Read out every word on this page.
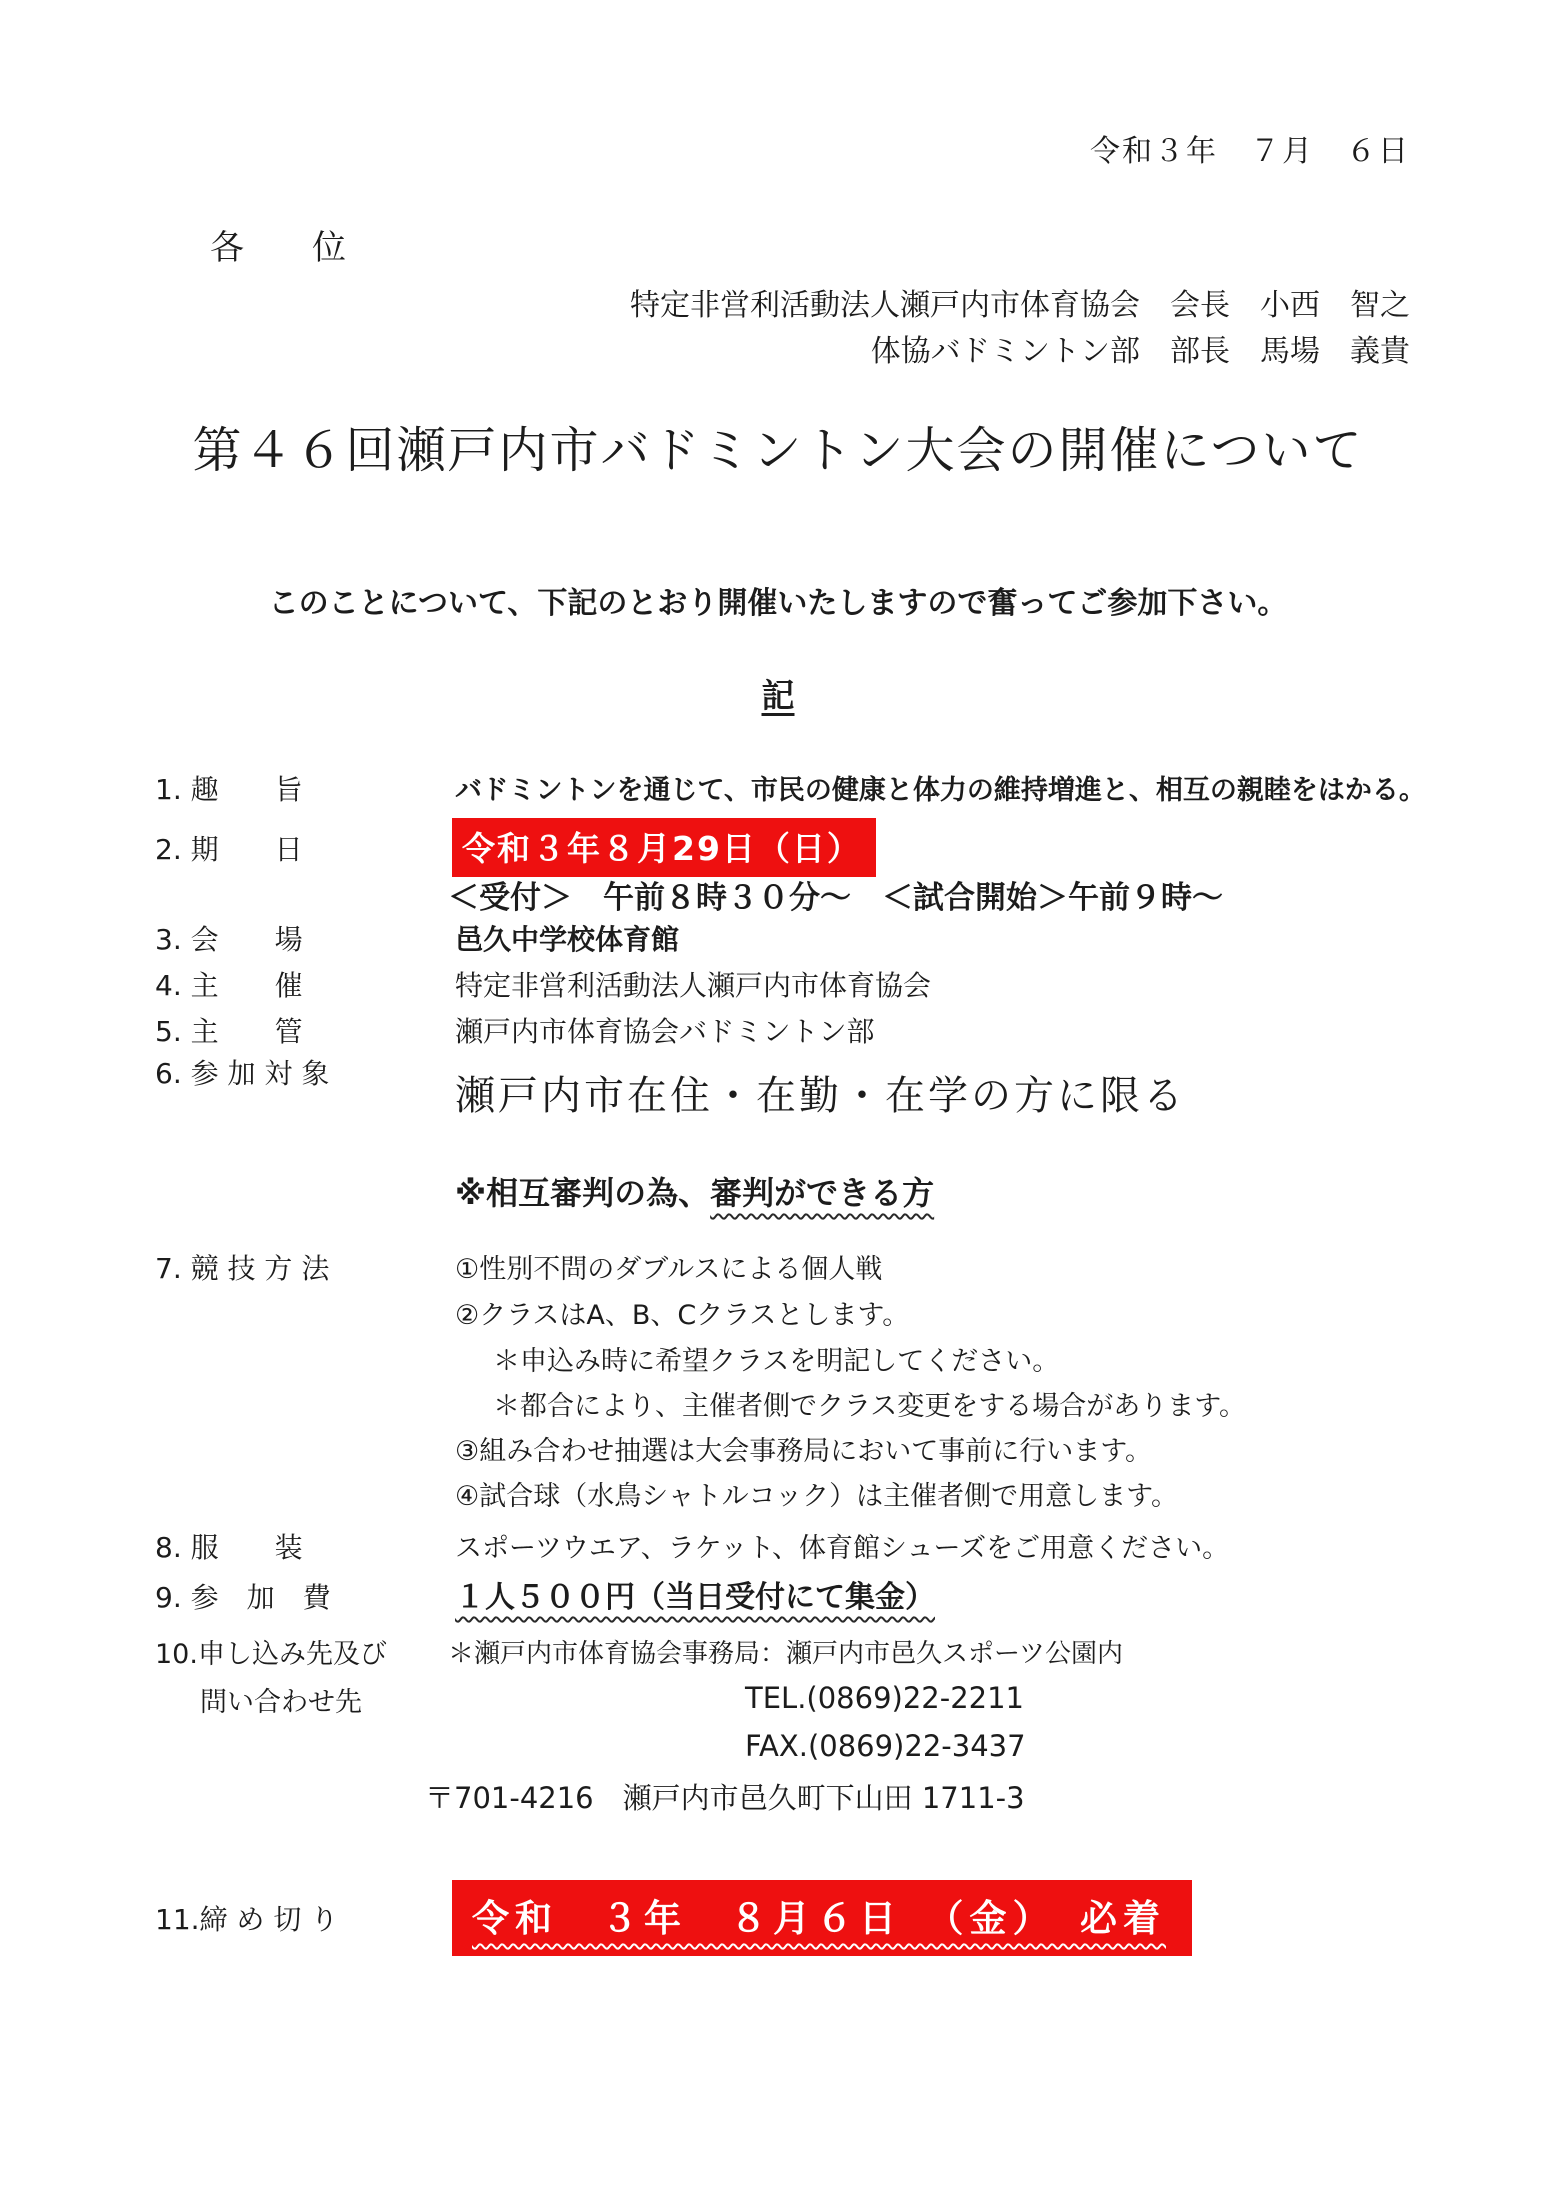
令和３年　７月　６日
各　　位
特定非営利活動法人瀬戸内市体育協会　会長　小西　智之
体協バドミントン部　部長　馬場　義貴
第４６回瀬戸内市バドミントン大会の開催について
このことについて、下記のとおり開催いたしますので奮ってご参加下さい。
記
1. 趣　　旨	バドミントンを通じて、市民の健康と体力の維持増進と、相互の親睦をはかる。
2. 期　　日	令和３年８月29日（日）
＜受付＞　午前８時３０分～　＜試合開始＞午前９時～
3. 会　　場	邑久中学校体育館
4. 主　　催	特定非営利活動法人瀬戸内市体育協会
5. 主　　管	瀬戸内市体育協会バドミントン部
6. 参 加 対 象	瀬戸内市在住・在勤・在学の方に限る
※相互審判の為、審判ができる方
7. 競 技 方 法	①性別不問のダブルスによる個人戦
②クラスはA、B、Cクラスとします。
＊申込み時に希望クラスを明記してください。
＊都合により、主催者側でクラス変更をする場合があります。
③組み合わせ抽選は大会事務局において事前に行います。
④試合球（水鳥シャトルコック）は主催者側で用意します。
8. 服　　装	スポーツウエア、ラケット、体育館シューズをご用意ください。
9. 参　加　費	１人５００円（当日受付にて集金）
10.申し込み先及び
問い合わせ先
＊瀬戸内市体育協会事務局：瀬戸内市邑久スポーツ公園内
TEL.(0869)22-2211
FAX.(0869)22-3437
〒701-4216　瀬戸内市邑久町下山田 1711-3
11.締 め 切 り	令和　３年　８月６日　（金）　必着
